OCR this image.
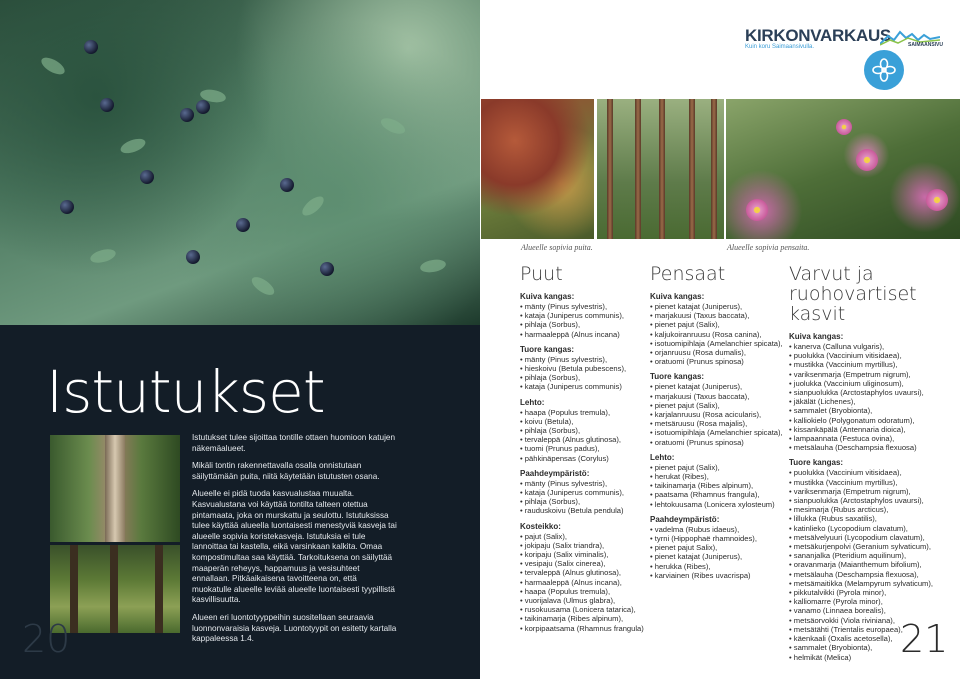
Istutukset

Istutukset tulee sijoittaa tontille ottaen huomioon katujen näkemäalueet.

Mikäli tontin rakennettavalla osalla onnistutaan säilyttämään puita, niitä käytetään istutusten osana.

Alueelle ei pidä tuoda kasvualustaa muualta. Kasvualustana voi käyttää tontilta talteen otettua pintamaata, joka on murskattu ja seulottu. Istutuksissa tulee käyttää alueella luontaisesti menestyviä kasveja tai alueelle sopivia koristekasveja. Istutuksia ei tule lannoittaa tai kastella, eikä varsinkaan kalkita. Omaa kompostimultaa saa käyttää. Tarkoituksena on säilyttää maaperän reheyys, happamuus ja vesisuhteet ennallaan. Pitkäaikaisena tavoitteena on, että muokatulle alueelle leviää alueelle luontaisesti tyypillistä kasvillisuutta.

Alueen eri luontotyyppeihin suositellaan seuraavia luonnonvaraisia kasveja. Luontotyypit on esitetty kartalla kappaleessa 1.4.

20
KIRKONVARKAUS
Kuin koru Saimaansivulla.	SAIMAANSIVU
Alueelle sopivia puita.	Alueelle sopivia pensaita.
Puut
Kuiva kangas:
• mänty (Pinus sylvestris),
• kataja (Juniperus communis),
• pihlaja (Sorbus),
• harmaaleppä (Alnus incana)
Tuore kangas:
• mänty (Pinus sylvestris),
• hieskoivu (Betula pubescens),
• pihlaja (Sorbus),
• kataja (Juniperus communis)
Lehto:
• haapa (Populus tremula),
• koivu (Betula),
• pihlaja (Sorbus),
• tervaleppä (Alnus glutinosa),
• tuomi (Prunus padus),
• pähkinäpensas (Corylus)
Paahdeympäristö:
• mänty (Pinus sylvestris),
• kataja (Juniperus communis),
• pihlaja (Sorbus),
• rauduskoivu (Betula pendula)
Kosteikko:
• pajut (Salix),
• jokipaju (Salix triandra),
• koripaju (Salix viminalis),
• vesipaju (Salix cinerea),
• tervaleppä (Alnus glutinosa),
• harmaaleppä (Alnus incana),
• haapa (Populus tremula),
• vuorijalava (Ulmus glabra),
• rusokuusama (Lonicera tatarica),
• taikinamarja (Ribes alpinum),
• korpipaatsama (Rhamnus frangula)
Pensaat
Kuiva kangas:
• pienet katajat (Juniperus),
• marjakuusi (Taxus baccata),
• pienet pajut (Salix),
• kaljukoiranruusu (Rosa canina),
• isotuomipihlaja (Amelanchier spicata),
• orjanruusu (Rosa dumalis),
• oratuomi (Prunus spinosa)
Tuore kangas:
• pienet katajat (Juniperus),
• marjakuusi (Taxus baccata),
• pienet pajut (Salix),
• karjalanruusu (Rosa acicularis),
• metsäruusu (Rosa majalis),
• isotuomipihlaja (Amelanchier spicata),
• oratuomi (Prunus spinosa)
Lehto:
• pienet pajut (Salix),
• herukat (Ribes),
• taikinamarja (Ribes alpinum),
• paatsama (Rhamnus frangula),
• lehtokuusama (Lonicera xylosteum)
Paahdeympäristö:
• vadelma (Rubus idaeus),
• tyrni (Hippophaë rhamnoides),
• pienet pajut Salix),
• pienet katajat (Juniperus),
• herukka (Ribes),
• karviainen (Ribes uvacrispa)
Varvut ja ruohovartiset kasvit
Kuiva kangas:
• kanerva (Calluna vulgaris),
• puolukka (Vaccinium vitisidaea),
• mustikka (Vaccinium myrtillus),
• variksenmarja (Empetrum nigrum),
• juolukka (Vaccinium uliginosum),
• sianpuolukka (Arctostaphylos uvaursi),
• jäkälät (Lichenes),
• sammalet (Bryobionta),
• kalliokielo (Polygonatum odoratum),
• kissankäpälä (Antennaria dioica),
• lampaannata (Festuca ovina),
• metsälauha (Deschampsia flexuosa)
Tuore kangas:
• puolukka (Vaccinium vitisidaea),
• mustikka (Vaccinium myrtillus),
• variksenmarja (Empetrum nigrum),
• sianpuolukka (Arctostaphylos uvaursi),
• mesimarja (Rubus arcticus),
• lillukka (Rubus saxatilis),
• katinlieko (Lycopodium clavatum),
• metsälvelyuuri (Lycopodium clavatum),
• metsäkurjenpolvi (Geranium sylvaticum),
• sananjalka (Pteridium aquilinum),
• oravanmarja (Maianthemum bifolium),
• metsälauha (Deschampsia flexuosa),
• metsämaitikka (Melampyrum sylvaticum),
• pikkutalvikki (Pyrola minor),
• kalliomarre (Pyrola minor),
• vanamo (Linnaea borealis),
• metsäorvokki (Viola riviniana),
• metsätähti (Trientalis europaea),
• käenkaali (Oxalis acetosella),
• sammalet (Bryobionta),
• helmikät (Melica)	21
